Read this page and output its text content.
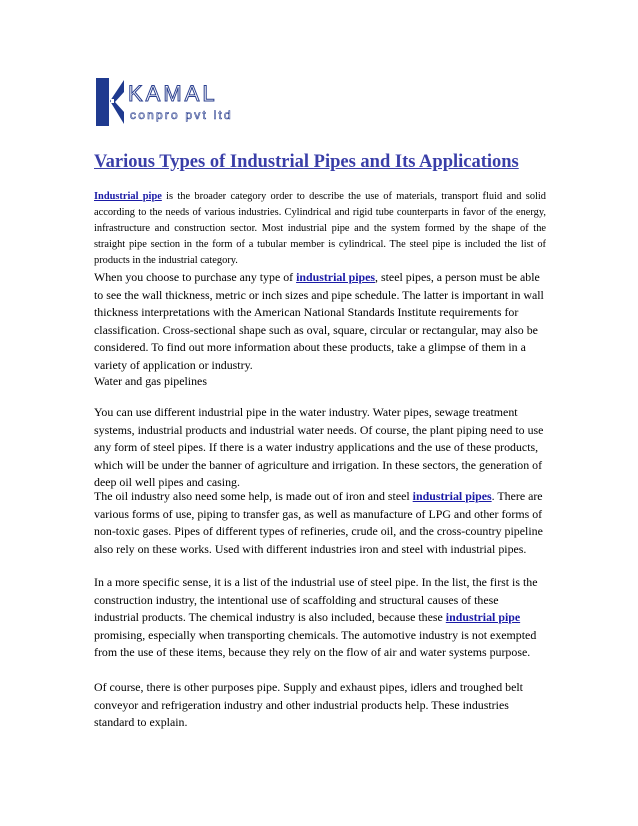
KAMAL
conpro pvt ltd
Various Types of Industrial Pipes and Its Applications

Industrial pipe is the broader category order to describe the use of materials, transport fluid and solid according to the needs of various industries. Cylindrical and rigid tube counterparts in favor of the energy, infrastructure and construction sector. Most industrial pipe and the system formed by the shape of the straight pipe section in the form of a tubular member is cylindrical. The steel pipe is included the list of products in the industrial category.

When you choose to purchase any type of industrial pipes, steel pipes, a person must be able to see the wall thickness, metric or inch sizes and pipe schedule. The latter is important in wall thickness interpretations with the American National Standards Institute requirements for classification. Cross-sectional shape such as oval, square, circular or rectangular, may also be considered. To find out more information about these products, take a glimpse of them in a variety of application or industry.

Water and gas pipelines

You can use different industrial pipe in the water industry. Water pipes, sewage treatment systems, industrial products and industrial water needs. Of course, the plant piping need to use any form of steel pipes. If there is a water industry applications and the use of these products, which will be under the banner of agriculture and irrigation. In these sectors, the generation of deep oil well pipes and casing.

The oil industry also need some help, is made out of iron and steel industrial pipes. There are various forms of use, piping to transfer gas, as well as manufacture of LPG and other forms of non-toxic gases. Pipes of different types of refineries, crude oil, and the cross-country pipeline also rely on these works. Used with different industries iron and steel with industrial pipes.

In a more specific sense, it is a list of the industrial use of steel pipe. In the list, the first is the construction industry, the intentional use of scaffolding and structural causes of these industrial products. The chemical industry is also included, because these industrial pipe promising, especially when transporting chemicals. The automotive industry is not exempted from the use of these items, because they rely on the flow of air and water systems purpose.

Of course, there is other purposes pipe. Supply and exhaust pipes, idlers and troughed belt conveyor and refrigeration industry and other industrial products help. These industries standard to explain.
